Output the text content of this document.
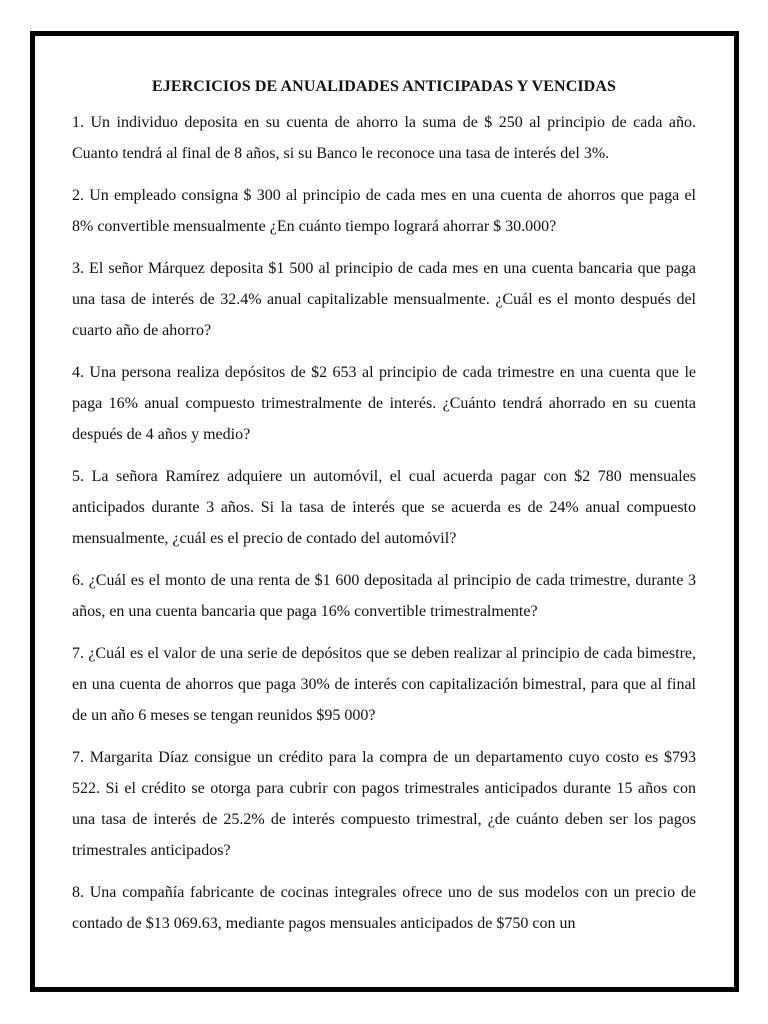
EJERCICIOS DE ANUALIDADES ANTICIPADAS Y VENCIDAS

1. Un individuo deposita en su cuenta de ahorro la suma de $ 250 al principio de cada año. Cuanto tendrá al final de 8 años, si su Banco le reconoce una tasa de interés del 3%.

2. Un empleado consigna $ 300 al principio de cada mes en una cuenta de ahorros que paga el 8% convertible mensualmente ¿En cuánto tiempo logrará ahorrar $ 30.000?

3. El señor Márquez deposita $1 500 al principio de cada mes en una cuenta bancaria que paga una tasa de interés de 32.4% anual capitalizable mensualmente. ¿Cuál es el monto después del cuarto año de ahorro?

4. Una persona realiza depósitos de $2 653 al principio de cada trimestre en una cuenta que le paga 16% anual compuesto trimestralmente de interés. ¿Cuánto tendrá ahorrado en su cuenta después de 4 años y medio?

5. La señora Ramírez adquiere un automóvil, el cual acuerda pagar con $2 780 mensuales anticipados durante 3 años. Si la tasa de interés que se acuerda es de 24% anual compuesto mensualmente, ¿cuál es el precio de contado del automóvil?

6. ¿Cuál es el monto de una renta de $1 600 depositada al principio de cada trimestre, durante 3 años, en una cuenta bancaria que paga 16% convertible trimestralmente?

7. ¿Cuál es el valor de una serie de depósitos que se deben realizar al principio de cada bimestre, en una cuenta de ahorros que paga 30% de interés con capitalización bimestral, para que al final de un año 6 meses se tengan reunidos $95 000?

7. Margarita Díaz consigue un crédito para la compra de un departamento cuyo costo es $793 522. Si el crédito se otorga para cubrir con pagos trimestrales anticipados durante 15 años con una tasa de interés de 25.2% de interés compuesto trimestral, ¿de cuánto deben ser los pagos trimestrales anticipados?

8. Una compañía fabricante de cocinas integrales ofrece uno de sus modelos con un precio de contado de $13 069.63, mediante pagos mensuales anticipados de $750 con un
